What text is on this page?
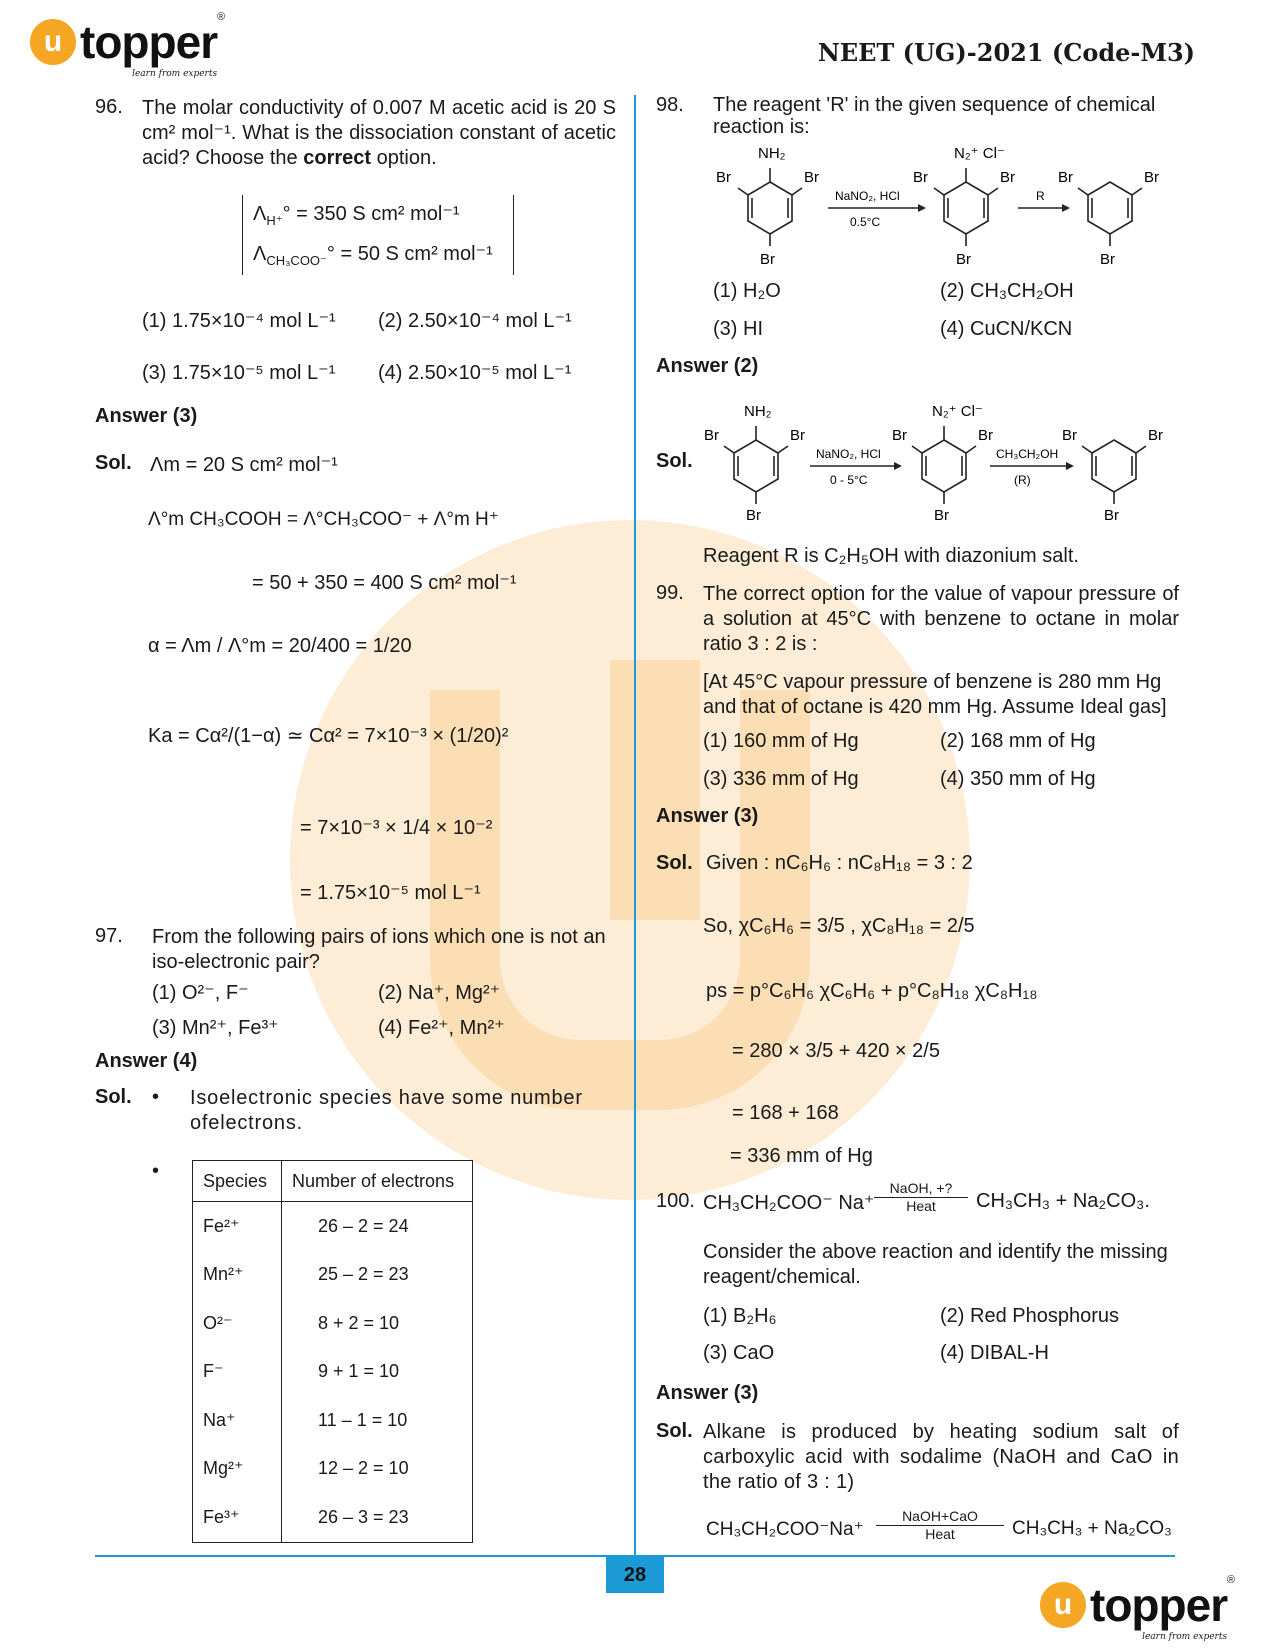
u topper ®
learn from experts
NEET (UG)-2021 (Code-M3)
96. The molar conductivity of 0.007 M acetic acid is 20 S cm² mol⁻¹. What is the dissociation constant of acetic acid? Choose the correct option.
$\Lambda_{H^+}^\circ = 350$ S cm² mol⁻¹
$\Lambda_{CH_3COO^-}^\circ = 50$ S cm² mol⁻¹
(1) 1.75×10⁻⁴ mol L⁻¹ (2) 2.50×10⁻⁴ mol L⁻¹
(3) 1.75×10⁻⁵ mol L⁻¹ (4) 2.50×10⁻⁵ mol L⁻¹
Answer (3)
Sol. Λm = 20 S cm² mol⁻¹
Λ°m CH₃COOH = Λ°CH₃COO⁻ + Λ°m H⁺
= 50 + 350 = 400 S cm² mol⁻¹
α = Λm / Λ°m = 20/400 = 1/20
Ka = Cα²/(1−α) ≃ Cα² = 7×10⁻³ × (1/20)²
= 7×10⁻³ × 1/4 × 10⁻²
= 1.75×10⁻⁵ mol L⁻¹
97. From the following pairs of ions which one is not an iso-electronic pair?
(1) O²⁻, F⁻	(2) Na⁺, Mg²⁺
(3) Mn²⁺, Fe³⁺	(4) Fe²⁺, Mn²⁺
Answer (4)
Sol. • Isoelectronic species have some number ofelectrons.
• Species	Number of electrons
Fe²⁺	26 – 2 = 24
Mn²⁺	25 – 2 = 23
O²⁻	8 + 2 = 10
F⁻	9 + 1 = 10
Na⁺	11 – 1 = 10
Mg²⁺	12 – 2 = 10
Fe³⁺	26 – 3 = 23
98. The reagent 'R' in the given sequence of chemical reaction is:
NH₂
Br	Br
Br
NaNO₂, HCl
0.5°C
N₂⁺ Cl⁻
Br	Br
Br
R
Br	Br
Br
(1) H₂O	(2) CH₃CH₂OH
(3) HI	(4) CuCN/KCN
Answer (2)
Sol.
NH₂
Br	Br
Br
NaNO₂, HCl
0 - 5°C
N₂⁺ Cl⁻
Br	Br
Br
CH₃CH₂OH
(R)
Br	Br
Br
Reagent R is C₂H₅OH with diazonium salt.
99. The correct option for the value of vapour pressure of a solution at 45°C with benzene to octane in molar ratio 3 : 2 is :
[At 45°C vapour pressure of benzene is 280 mm Hg and that of octane is 420 mm Hg. Assume Ideal gas]
(1) 160 mm of Hg	(2) 168 mm of Hg
(3) 336 mm of Hg	(4) 350 mm of Hg
Answer (3)
Sol. Given : nC₆H₆ : nC₈H₁₈ = 3 : 2
So, χC₆H₆ = 3/5 , χC₈H₁₈ = 2/5
ps = p°C₆H₆ χC₆H₆ + p°C₈H₁₈ χC₈H₁₈
= 280 × 3/5 + 420 × 2/5
= 168 + 168
= 336 mm of Hg
100. CH₃CH₂COO⁻ Na⁺
NaOH, +?
Heat	CH₃CH₃ + Na₂CO₃.
Consider the above reaction and identify the missing reagent/chemical.
(1) B₂H₆	(2) Red Phosphorus
(3) CaO	(4) DIBAL-H
Answer (3)
Sol. Alkane is produced by heating sodium salt of carboxylic acid with sodalime (NaOH and CaO in the ratio of 3 : 1)
CH₃CH₂COO⁻Na⁺
NaOH+CaO
Heat	CH₃CH₃ + Na₂CO₃
28
u topper ®
learn from experts
